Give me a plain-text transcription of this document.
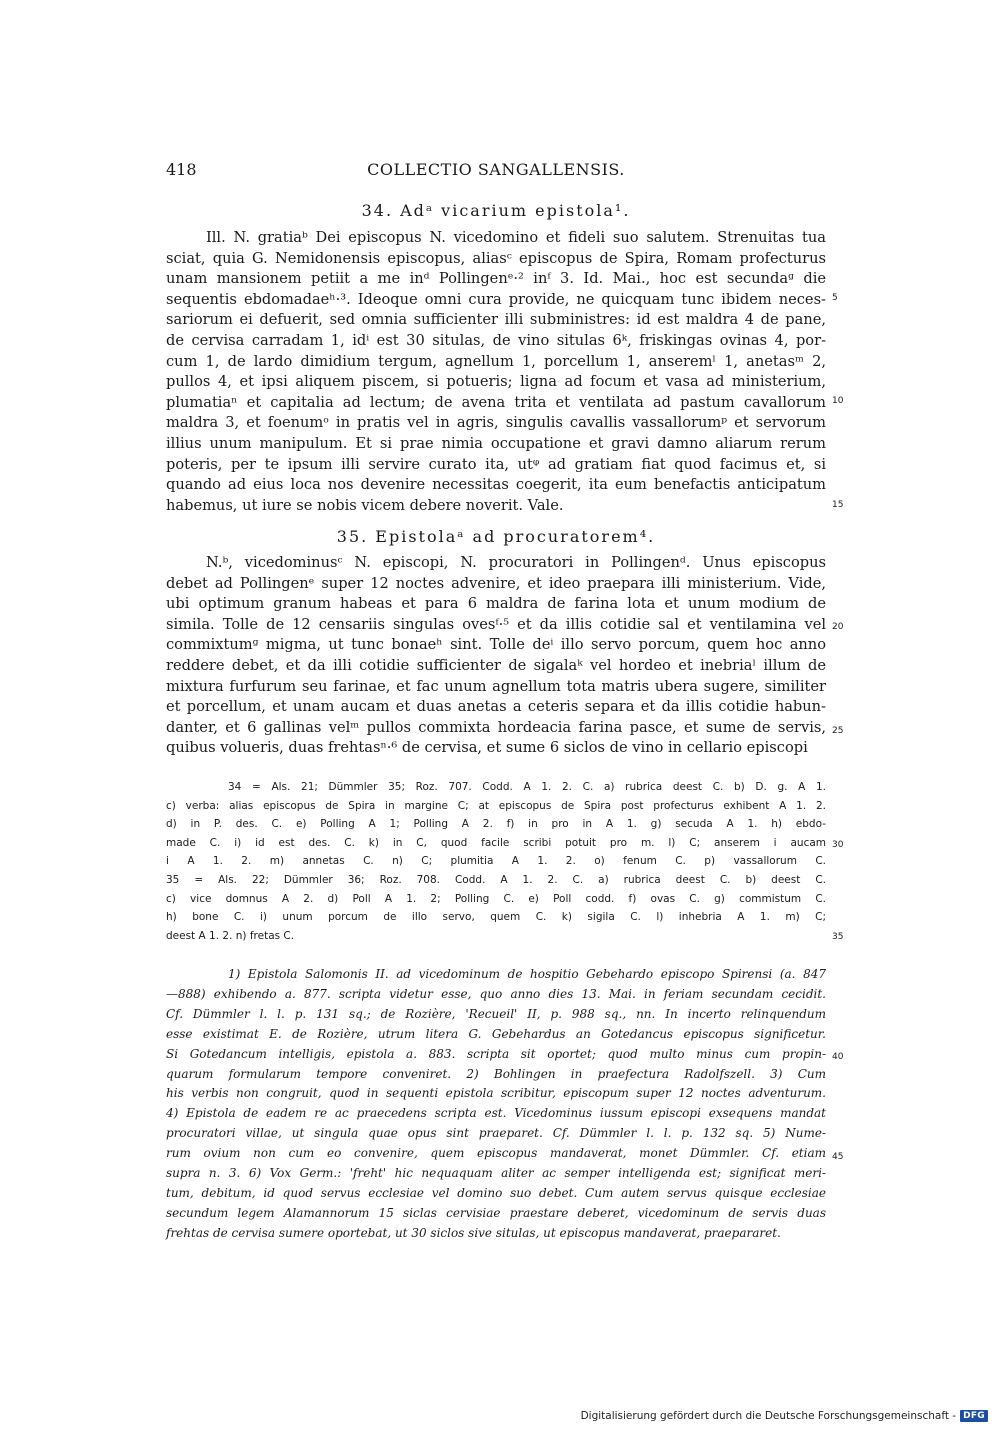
418	COLLECTIO SANGALLENSIS.
34. Adᵃ vicarium epistola¹.
Ill. N. gratiaᵇ Dei episcopus N. vicedomino et fideli suo salutem. Strenuitas tua
sciat, quia G. Nemidonensis episcopus, aliasᶜ episcopus de Spira, Romam profecturus
unam mansionem petiit a me inᵈ Pollingenᵉ·² inᶠ 3. Id. Mai., hoc est secundaᵍ die
sequentis ebdomadaeʰ·³. Ideoque omni cura provide, ne quicquam tunc ibidem neces-
sariorum ei defuerit, sed omnia sufficienter illi subministres: id est maldra 4 de pane,
de cervisa carradam 1, idⁱ est 30 situlas, de vino situlas 6ᵏ, friskingas ovinas 4, por-
cum 1, de lardo dimidium tergum, agnellum 1, porcellum 1, anseremˡ 1, anetasᵐ 2,
pullos 4, et ipsi aliquem piscem, si potueris; ligna ad focum et vasa ad ministerium,
plumatiaⁿ et capitalia ad lectum; de avena trita et ventilata ad pastum cavallorum
maldra 3, et foenumᵒ in pratis vel in agris, singulis cavallis vassallorumᵖ et servorum
illius unum manipulum. Et si prae nimia occupatione et gravi damno aliarum rerum
poteris, per te ipsum illi servire curato ita, utᵠ ad gratiam fiat quod facimus et, si
quando ad eius loca nos devenire necessitas coegerit, ita eum benefactis anticipatum
habemus, ut iure se nobis vicem debere noverit. Vale.
35. Epistolaᵃ ad procuratorem⁴.
N.ᵇ, vicedominusᶜ N. episcopi, N. procuratori in Pollingenᵈ. Unus episcopus
debet ad Pollingenᵉ super 12 noctes advenire, et ideo praepara illi ministerium. Vide,
ubi optimum granum habeas et para 6 maldra de farina lota et unum modium de
simila. Tolle de 12 censariis singulas ovesᶠ·⁵ et da illis cotidie sal et ventilamina vel
commixtumᵍ migma, ut tunc bonaeʰ sint. Tolle deⁱ illo servo porcum, quem hoc anno
reddere debet, et da illi cotidie sufficienter de sigalaᵏ vel hordeo et inebriaˡ illum de
mixtura furfurum seu farinae, et fac unum agnellum tota matris ubera sugere, similiter
et porcellum, et unam aucam et duas anetas a ceteris separa et da illis cotidie habun-
danter, et 6 gallinas velᵐ pullos commixta hordeacia farina pasce, et sume de servis,
quibus volueris, duas frehtasⁿ·⁶ de cervisa, et sume 6 siclos de vino in cellario episcopi
5
10
15
20
25
34 = Als. 21; Dümmler 35; Roz. 707. Codd. A 1. 2. C. a) rubrica deest C. b) D. g. A 1.
c) verba: alias episcopus de Spira in margine C; at episcopus de Spira post profecturus exhibent A 1. 2.
d) in P. des. C. e) Polling A 1; Polling A 2. f) in pro in A 1. g) secuda A 1. h) ebdo-
made C. i) id est des. C. k) in C, quod facile scribi potuit pro m. l) C; anserem i aucam
i A 1. 2. m) annetas C. n) C; plumitia A 1. 2. o) fenum C. p) vassallorum C.
35 = Als. 22; Dümmler 36; Roz. 708. Codd. A 1. 2. C. a) rubrica deest C. b) deest C.
c) vice domnus A 2. d) Poll A 1. 2; Polling C. e) Poll codd. f) ovas C. g) commistum C.
h) bone C. i) unum porcum de illo servo, quem C. k) sigila C. l) inhebria A 1. m) C;
deest A 1. 2. n) fretas C.
30
35
1) Epistola Salomonis II. ad vicedominum de hospitio Gebehardo episcopo Spirensi (a. 847
—888) exhibendo a. 877. scripta videtur esse, quo anno dies 13. Mai. in feriam secundam cecidit.
Cf. Dümmler l. l. p. 131 sq.; de Rozière, 'Recueil' II, p. 988 sq., nn. In incerto relinquendum
esse existimat E. de Rozière, utrum litera G. Gebehardus an Gotedancus episcopus significetur.
Si Gotedancum intelligis, epistola a. 883. scripta sit oportet; quod multo minus cum propin-
quarum formularum tempore conveniret. 2) Bohlingen in praefectura Radolfszell. 3) Cum
his verbis non congruit, quod in sequenti epistola scribitur, episcopum super 12 noctes adventurum.
4) Epistola de eadem re ac praecedens scripta est. Vicedominus iussum episcopi exsequens mandat
procuratori villae, ut singula quae opus sint praeparet. Cf. Dümmler l. l. p. 132 sq. 5) Nume-
rum ovium non cum eo convenire, quem episcopus mandaverat, monet Dümmler. Cf. etiam
supra n. 3. 6) Vox Germ.: 'freht' hic nequaquam aliter ac semper intelligenda est; significat meri-
tum, debitum, id quod servus ecclesiae vel domino suo debet. Cum autem servus quisque ecclesiae
secundum legem Alamannorum 15 siclas cervisiae praestare deberet, vicedominum de servis duas
frehtas de cervisa sumere oportebat, ut 30 siclos sive situlas, ut episcopus mandaverat, praepararet.
40
45
Digitalisierung gefördert durch die Deutsche Forschungsgemeinschaft - DFG
